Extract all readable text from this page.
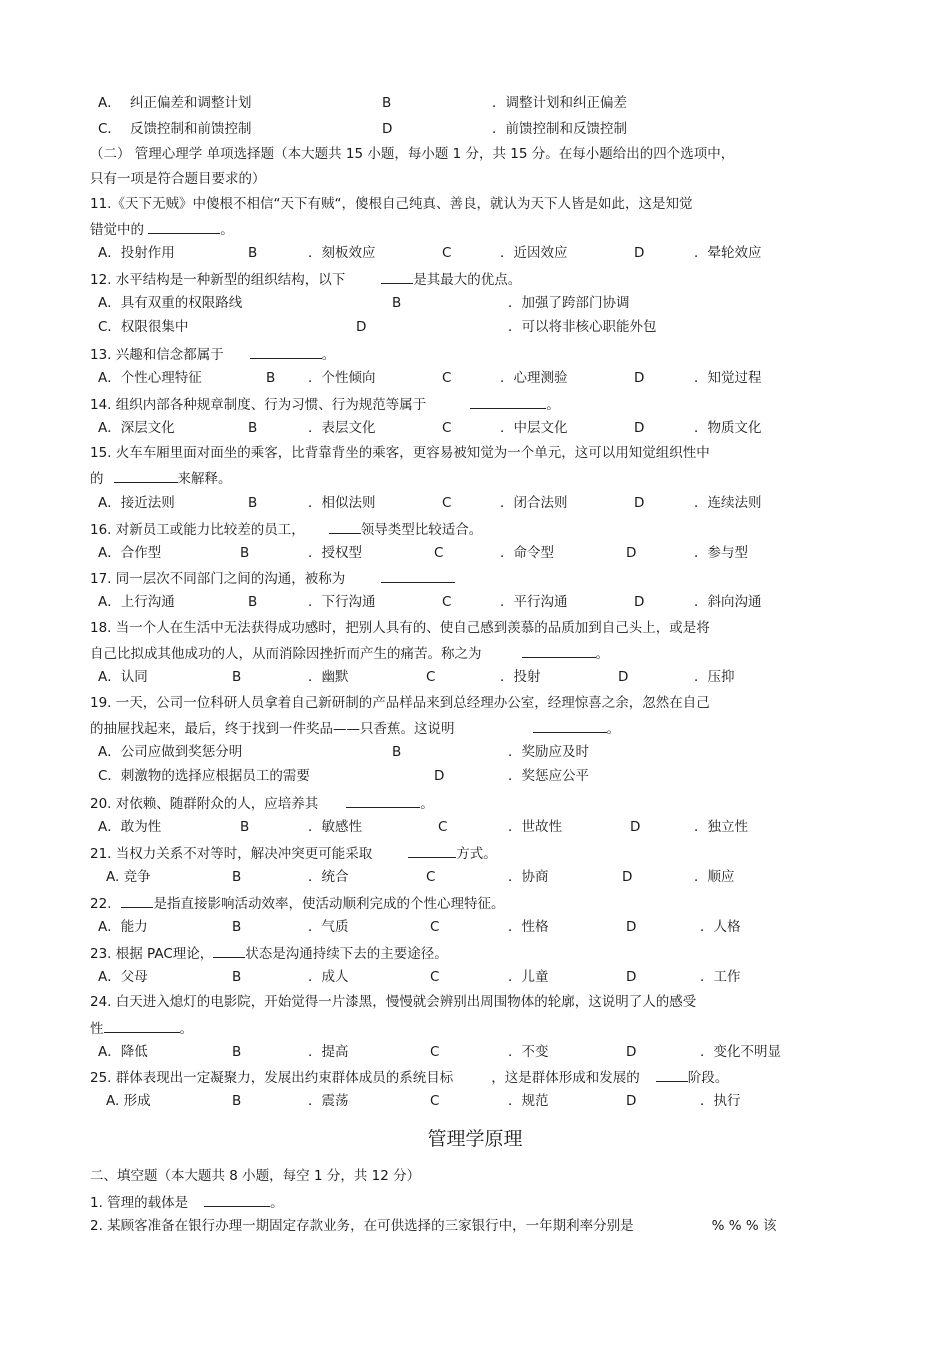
A． 纠正偏差和调整计划	B	．调整计划和纠正偏差
C． 反馈控制和前馈控制	D	．前馈控制和反馈控制
（二） 管理心理学 单项选择题（本大题共 15 小题，每小题 1 分，共 15 分。在每小题给出的四个选项中，
只有一项是符合题目要求的）
11.《天下无贼》中傻根不相信“天下有贼“，傻根自己纯真、善良，就认为天下人皆是如此，这是知觉
错觉中的	。
A．投射作用	B	．刻板效应	C	．近因效应	D	．晕轮效应
12. 水平结构是一种新型的组织结构，以下	是其最大的优点。
A．具有双重的权限路线	B	．加强了跨部门协调
C．权限很集中	D	．可以将非核心职能外包
13. 兴趣和信念都属于	。
A．个性心理特征	B ．个性倾向	C	．心理测验	D	．知觉过程
14. 组织内部各种规章制度、行为习惯、行为规范等属于	。
A．深层文化	B	．表层文化	C	．中层文化	D	．物质文化
15. 火车车厢里面对面坐的乘客，比背靠背坐的乘客，更容易被知觉为一个单元，这可以用知觉组织性中
的	来解释。
A．接近法则	B	．相似法则	C	．闭合法则	D	．连续法则
16. 对新员工或能力比较差的员工，	领导类型比较适合。
A．合作型	B	．授权型	C	．命令型	D	．参与型
17. 同一层次不同部门之间的沟通，被称为
A．上行沟通	B	．下行沟通	C	．平行沟通	D	．斜向沟通
18. 当一个人在生活中无法获得成功感时，把别人具有的、使自己感到羡慕的品质加到自己头上，或是将
自己比拟成其他成功的人，从而消除因挫折而产生的痛苦。称之为	。
A．认同	B	．幽默	C	．投射	D	．压抑
19. 一天，公司一位科研人员拿着自己新研制的产品样品来到总经理办公室，经理惊喜之余，忽然在自己
的抽屉找起来，最后，终于找到一件奖品——只香蕉。这说明	。
A．公司应做到奖惩分明	B	．奖励应及时
C．刺激物的选择应根据员工的需要	D	．奖惩应公平
20. 对依赖、随群附众的人，应培养其	。
A．敢为性	B	．敏感性	C	．世故性	D	．独立性
21. 当权力关系不对等时，解决冲突更可能采取	方式。
A. 竞争	B	．统合	C	．协商	D	．顺应
22.	是指直接影响活动效率，使活动顺利完成的个性心理特征。
A．能力	B	．气质	C	．性格	D	．人格
23. 根据 PAC理论， 状态是沟通持续下去的主要途径。
A．父母	B	．成人	C	．儿童	D	．工作
24. 白天进入熄灯的电影院，开始觉得一片漆黑，慢慢就会辨别出周围物体的轮廓，这说明了人的感受
性	。
A．降低	B	．提高	C	．不变	D	．变化不明显
25. 群体表现出一定凝聚力，发展出约束群体成员的系统目标	，这是群体形成和发展的	阶段。
A. 形成	B	．震荡	C	．规范	D	．执行
管理学原理
二、填空题（本大题共 8 小题，每空 1 分，共 12 分）
1. 管理的载体是	。
2. 某顾客准备在银行办理一期固定存款业务，在可供选择的三家银行中，一年期利率分别是	% % % 该
